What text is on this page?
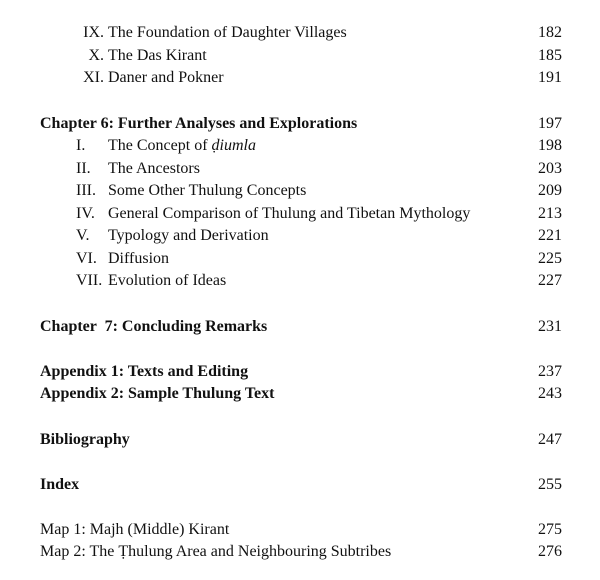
IX. The Foundation of Daughter Villages	182
X. The Das Kirant	185
XI. Daner and Pokner	191
Chapter 6: Further Analyses and Explorations	197
I.	The Concept of ḍiumla	198
II.	The Ancestors	203
III. Some Other Thulung Concepts	209
IV. General Comparison of Thulung and Tibetan Mythology	213
V.	Typology and Derivation	221
VI. Diffusion	225
VII. Evolution of Ideas	227
Chapter  7: Concluding Remarks	231
Appendix 1: Texts and Editing	237
Appendix 2: Sample Thulung Text	243
Bibliography	247
Index	255
Map 1: Majh (Middle) Kirant	275
Map 2: The Ṭhulung Area and Neighbouring Subtribes	276
